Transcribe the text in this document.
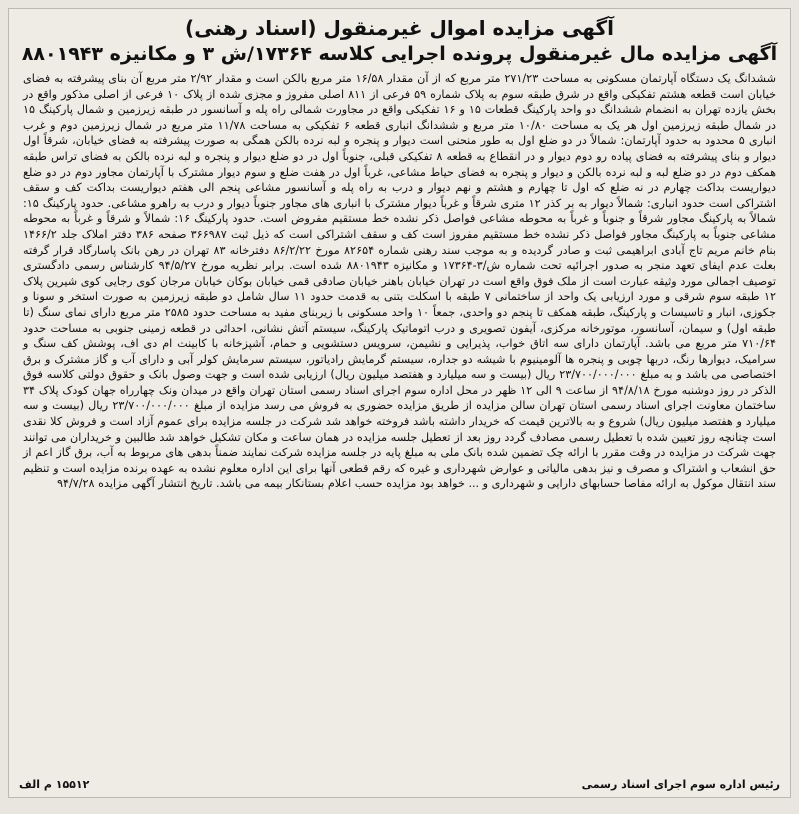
آگهی مزایده اموال غیرمنقول (اسناد رهنی)
آگهی مزایده مال غیرمنقول پرونده اجرایی کلاسه ۱۷۳۶۴/ش ۳ و مکانیزه ۸۸۰۱۹۴۳
ششدانگ یک دستگاه آپارتمان مسکونی به مساحت ۲۷۱/۲۳ متر مربع که از آن مقدار ۱۶/۵۸ متر مربع بالکن است و مقدار ۲/۹۲ متر مربع آن بنای پیشرفته به فضای خیابان است قطعه هشتم تفکیکی واقع در شرق طبقه سوم به پلاک شماره ۵۹ فرعی از ۸۱۱ اصلی مفروز و مجزی شده از پلاک ۱۰ فرعی از اصلی مذکور واقع در بخش یازده تهران به انضمام ششدانگ دو واحد پارکینگ قطعات ۱۵ و ۱۶ تفکیکی واقع در مجاورت شمالی راه پله و آسانسور در طبقه زیرزمین و شمال پارکینگ ۱۵ در شمال طبقه زیرزمین اول هر یک به مساحت ۱۰/۸۰ متر مربع و ششدانگ انباری قطعه ۶ تفکیکی به مساحت ۱۱/۷۸ متر مربع در شمال زیرزمین دوم و غرب انباری ۵ محدود به حدود آپارتمان: شمالاً در دو ضلع اول به طور منحنی است دیوار و پنجره و لبه نرده بالکن همگی به صورت پیشرفته به فضای خیابان، شرقاً اول دیوار و بنای پیشرفته به فضای پیاده رو دوم دیوار و در انقطاع به قطعه ۸ تفکیکی قبلی، جنوباً اول در دو ضلع دیوار و پنجره و لبه نرده بالکن به فضای تراس طبقه همکف دوم در دو ضلع لبه و لبه نرده بالکن و دیوار و پنجره به فضای حیاط مشاعی، غرباً اول در هفت ضلع و سوم دیوار مشترک با آپارتمان مجاور دوم در دو ضلع دیواریست بداکت چهارم در نه ضلع که اول تا چهارم و هشتم و نهم دیوار و درب به راه پله و آسانسور مشاعی پنجم الی هفتم دیواریست بداکت کف و سقف اشتراکی است حدود انباری: شمالاً دیوار به بر کذر ۱۲ متری شرقاً و غرباً دیوار مشترک با انباری های مجاور جنوباً دیوار و درب به راهرو مشاعی. حدود پارکینگ ۱۵: شمالاً به پارکینگ مجاور شرقاً و جنوباً و غرباً به محوطه مشاعی فواصل ذکر نشده خط مستقیم مفروض است. حدود پارکینگ ۱۶: شمالاً و شرقاً و غرباً به محوطه مشاعی جنوباً به پارکینگ مجاور فواصل ذکر نشده خط مستقیم مفروز است کف و سقف اشتراکی است که ذیل ثبت ۳۶۶۹۸۷ صفحه ۳۸۶ دفتر املاک جلد ۱۴۶۶/۲ بنام خانم مریم تاج آبادی ابراهیمی ثبت و صادر گردیده و به موجب سند رهنی شماره ۸۲۶۵۴ مورخ ۸۶/۲/۲۲ دفترخانه ۸۳ تهران در رهن بانک پاسارگاد قرار گرفته بعلت عدم ایفای تعهد منجر به صدور اجرائیه تحت شماره ش/۳-۱۷۳۶۴ و مکانیزه ۸۸۰۱۹۴۳ شده است. برابر نظریه مورخ ۹۴/۵/۲۷ کارشناس رسمی دادگستری توصیف اجمالی مورد وثیقه عبارت است از ملک فوق واقع است در تهران خیابان باهنر خیابان صادقی قمی خیابان بوکان خیابان مرجان کوی رجایی کوی شیرین پلاک ۱۲ طبقه سوم شرقی و مورد ارزیابی یک واحد از ساختمانی ۷ طبقه با اسکلت بتنی به قدمت حدود ۱۱ سال شامل دو طبقه زیرزمین به صورت استخر و سونا و جکوزی، انبار و تاسیسات و پارکینگ، طبقه همکف تا پنجم دو واحدی، جمعاً ۱۰ واحد مسکونی با زیربنای مفید به مساحت حدود ۲۵۸۵ متر مربع دارای نمای سنگ (تا طبقه اول) و سیمان، آسانسور، موتورخانه مرکزی، آیفون تصویری و درب اتوماتیک پارکینگ، سیستم آتش نشانی، احداثی در قطعه زمینی جنوبی به مساحت حدود ۷۱۰/۶۴ متر مربع می باشد. آپارتمان دارای سه اتاق خواب، پذیرایی و نشیمن، سرویس دستشویی و حمام، آشپزخانه با کابینت ام دی اف، پوشش کف سنگ و سرامیک، دیوارها رنگ، دربها چوبی و پنجره ها آلومینیوم با شیشه دو جداره، سیستم گرمایش رادیاتور، سیستم سرمایش کولر آبی و دارای آب و گاز مشترک و برق اختصاصی می باشد و به مبلغ ۲۳/۷۰۰/۰۰۰/۰۰۰ ریال (بیست و سه میلیارد و هفتصد میلیون ریال) ارزیابی شده است و جهت وصول بانک و حقوق دولتی کلاسه فوق الذکر در روز دوشنبه مورخ ۹۴/۸/۱۸ از ساعت ۹ الی ۱۲ ظهر در محل اداره سوم اجرای اسناد رسمی استان تهران واقع در میدان ونک چهارراه جهان کودک پلاک ۳۴ ساختمان معاونت اجرای اسناد رسمی استان تهران سالن مزایده از طریق مزایده حضوری به فروش می رسد مزایده از مبلغ ۲۳/۷۰۰/۰۰۰/۰۰۰ ریال (بیست و سه میلیارد و هفتصد میلیون ریال) شروع و به بالاترین قیمت که خریدار داشته باشد فروخته خواهد شد شرکت در جلسه مزایده برای عموم آزاد است و فروش کلا نقدی است چنانچه روز تعیین شده با تعطیل رسمی مصادف گردد روز بعد از تعطیل جلسه مزایده در همان ساعت و مکان تشکیل خواهد شد طالبین و خریداران می توانند جهت شرکت در مزایده در وقت مقرر با ارائه چک تضمین شده بانک ملی به مبلغ پایه در جلسه مزایده شرکت نمایند ضمناً بدهی های مربوط به آب، برق گاز اعم از حق انشعاب و اشتراک و مصرف و نیز بدهی مالیاتی و عوارض شهرداری و غیره که رقم قطعی آنها برای این اداره معلوم نشده به عهده برنده مزایده است و تنظیم سند انتقال موکول به ارائه مفاصا حسابهای دارایی و شهرداری و ... خواهد بود مزایده حسب اعلام بستانکار بیمه می باشد. تاریخ انتشار آگهی مزایده ۹۴/۷/۲۸
۱۵۵۱۲ م الف	رئیس اداره سوم اجرای اسناد رسمی
